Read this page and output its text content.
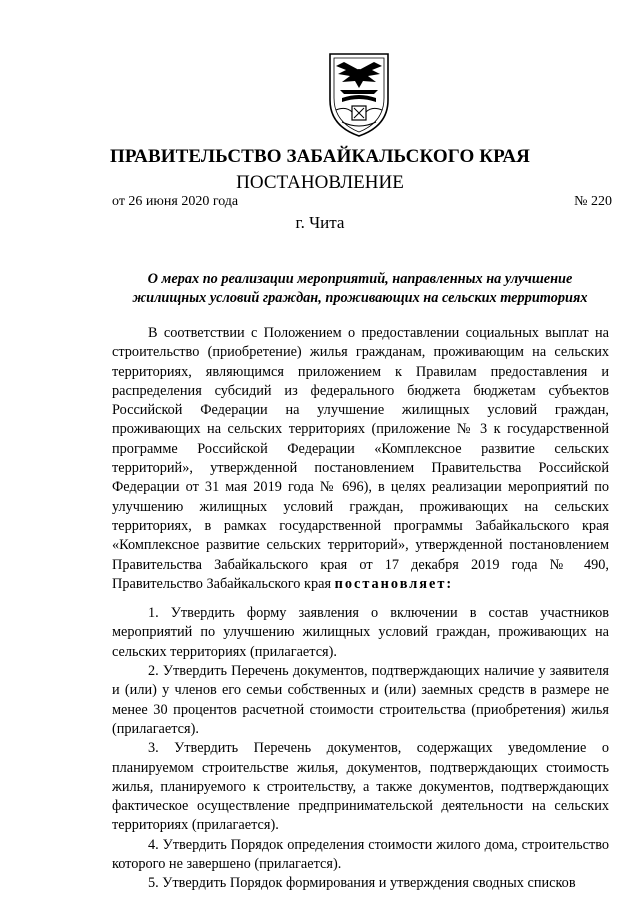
ПРАВИТЕЛЬСТВО ЗАБАЙКАЛЬСКОГО КРАЯ
ПОСТАНОВЛЕНИЕ
от 26 июня 2020 года	№ 220
г. Чита
О мерах по реализации мероприятий, направленных на улучшение
жилищных условий граждан, проживающих на сельских территориях

В соответствии с Положением о предоставлении социальных выплат на строительство (приобретение) жилья гражданам, проживающим на сельских территориях, являющимся приложением к Правилам предоставления и распределения субсидий из федерального бюджета бюджетам субъектов Российской Федерации на улучшение жилищных условий граждан, проживающих на сельских территориях (приложение № 3 к государственной программе Российской Федерации «Комплексное развитие сельских территорий», утвержденной постановлением Правительства Российской Федерации от 31 мая 2019 года № 696), в целях реализации мероприятий по улучшению жилищных условий граждан, проживающих на сельских территориях, в рамках государственной программы Забайкальского края «Комплексное развитие сельских территорий», утвержденной постановлением Правительства Забайкальского края от 17 декабря 2019 года № 490, Правительство Забайкальского края постановляет:

1. Утвердить форму заявления о включении в состав участников мероприятий по улучшению жилищных условий граждан, проживающих на сельских территориях (прилагается).

2. Утвердить Перечень документов, подтверждающих наличие у заявителя и (или) у членов его семьи собственных и (или) заемных средств в размере не менее 30 процентов расчетной стоимости строительства (приобретения) жилья (прилагается).

3. Утвердить Перечень документов, содержащих уведомление о планируемом строительстве жилья, документов, подтверждающих стоимость жилья, планируемого к строительству, а также документов, подтверждающих фактическое осуществление предпринимательской деятельности на сельских территориях (прилагается).

4. Утвердить Порядок определения стоимости жилого дома, строительство которого не завершено (прилагается).

5. Утвердить Порядок формирования и утверждения сводных списков
